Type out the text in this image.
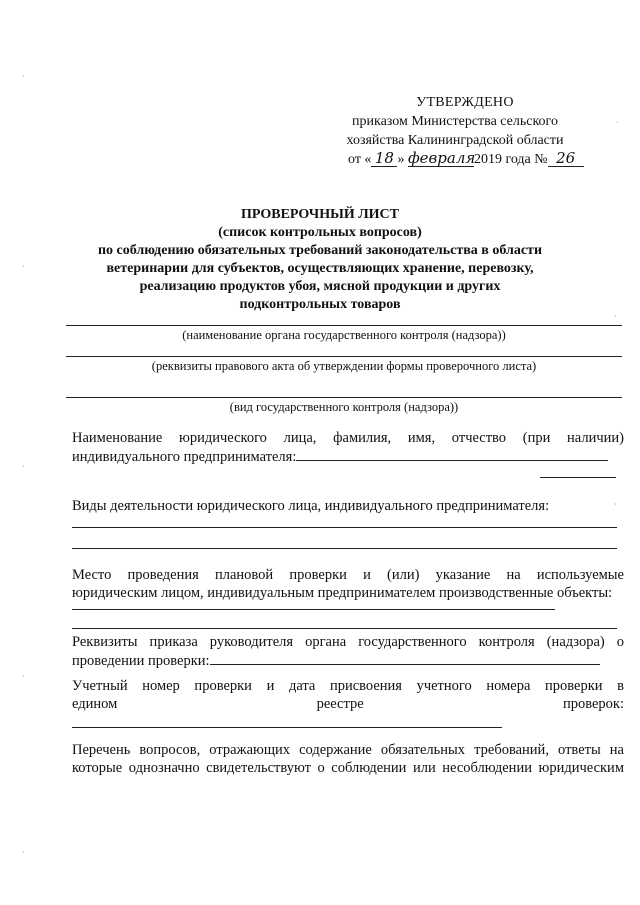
УТВЕРЖДЕНО
приказом Министерства сельского
хозяйства Калининградской области
от « 18 » февраля2019 года № 26
ПРОВЕРОЧНЫЙ ЛИСТ
(список контрольных вопросов)
по соблюдению обязательных требований законодательства в области
ветеринарии для субъектов, осуществляющих хранение, перевозку,
реализацию продуктов убоя, мясной продукции и других
подконтрольных товаров
(наименование органа государственного контроля (надзора))
(реквизиты правового акта об утверждении формы проверочного листа)
(вид государственного контроля (надзора))
Наименование юридического лица, фамилия, имя, отчество (при наличии)
индивидуального предпринимателя:
Виды деятельности юридического лица, индивидуального предпринимателя:
Место проведения плановой проверки и (или) указание на используемые
юридическим лицом, индивидуальным предпринимателем производственные объекты:
Реквизиты приказа руководителя органа государственного контроля (надзора) о
проведении проверки:
Учетный номер проверки и дата присвоения учетного номера проверки в
едином	реестре	проверок:
Перечень вопросов, отражающих содержание обязательных требований, ответы на
которые однозначно свидетельствуют о соблюдении или несоблюдении юридическим
·
·
·
·
·
·
·
·
